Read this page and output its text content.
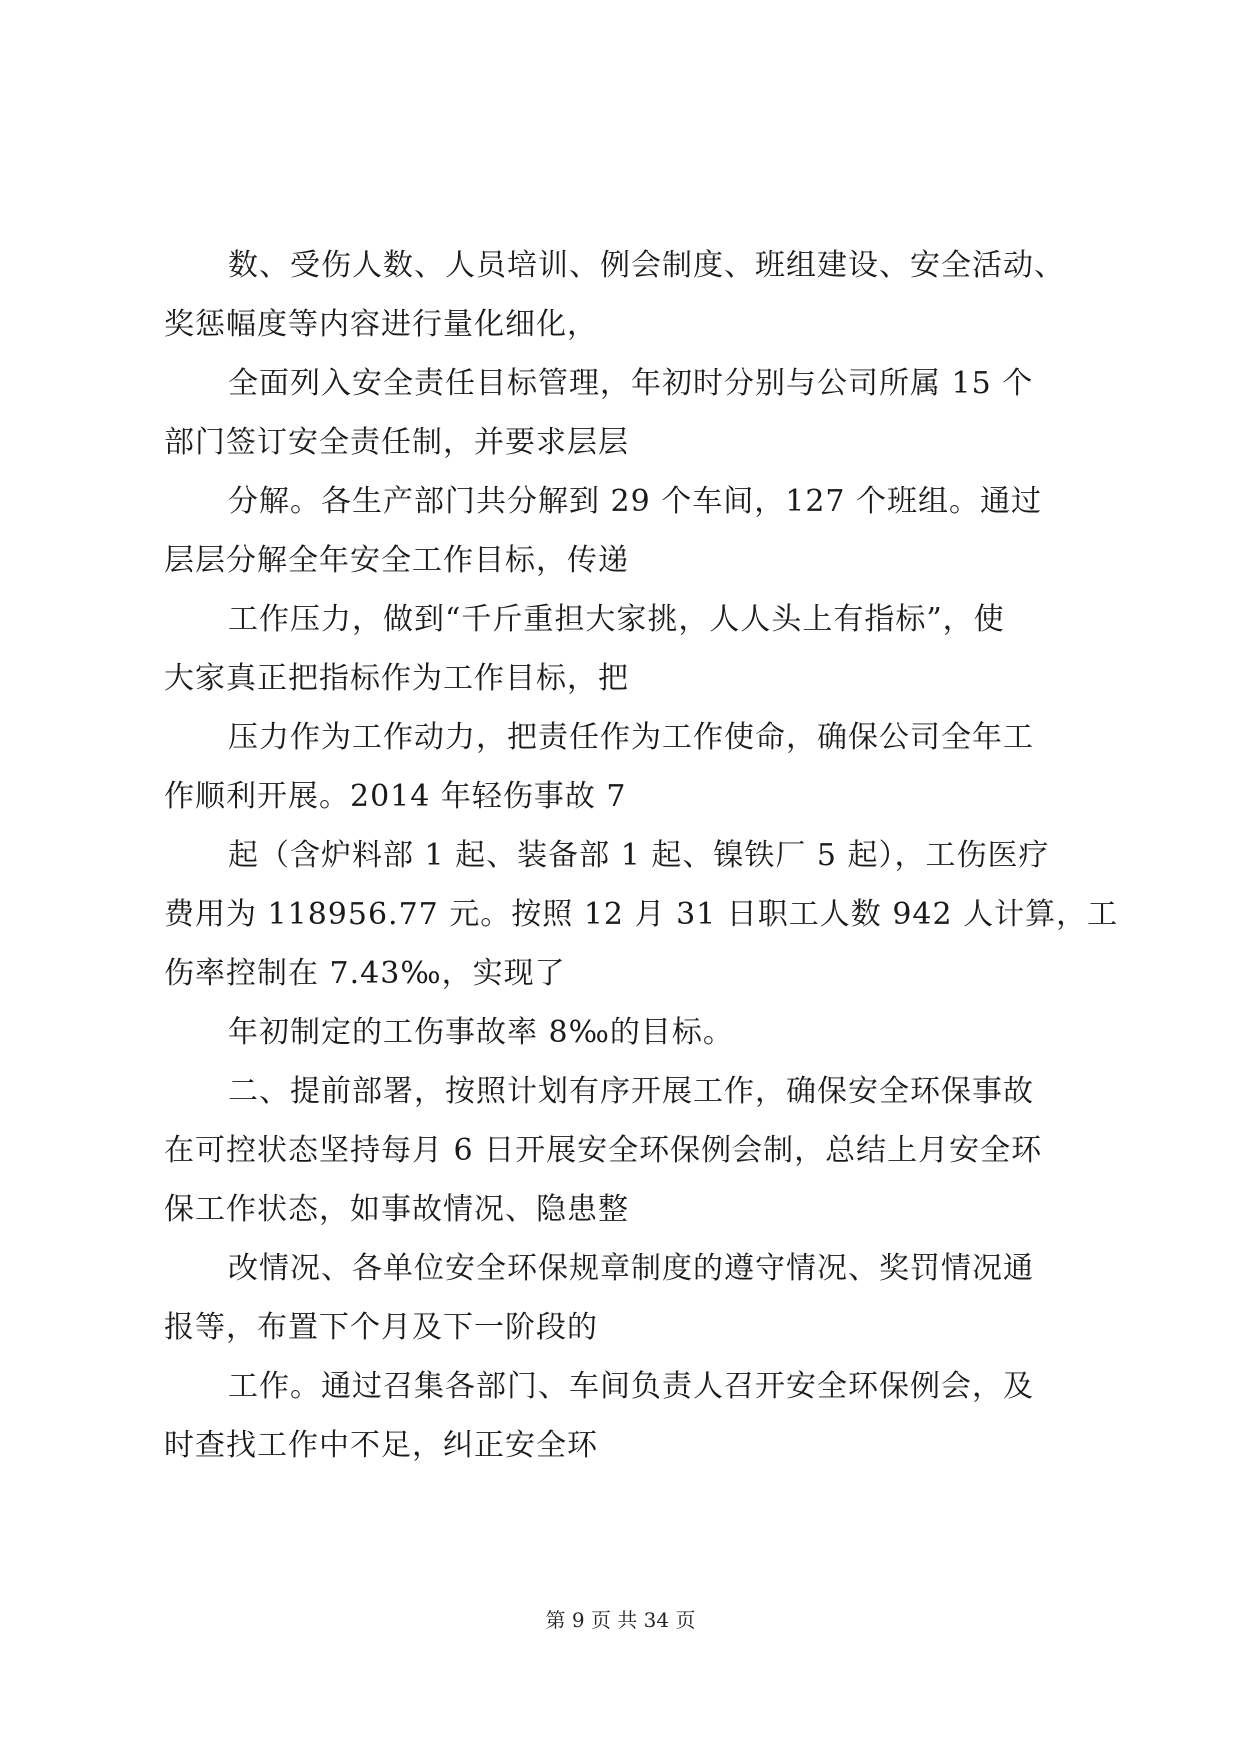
数、受伤人数、人员培训、例会制度、班组建设、安全活动、
奖惩幅度等内容进行量化细化，

全面列入安全责任目标管理，年初时分别与公司所属 15 个
部门签订安全责任制，并要求层层

分解。各生产部门共分解到 29 个车间，127 个班组。通过
层层分解全年安全工作目标，传递

工作压力，做到“千斤重担大家挑，人人头上有指标”，使
大家真正把指标作为工作目标，把

压力作为工作动力，把责任作为工作使命，确保公司全年工
作顺利开展。2014 年轻伤事故 7

起（含炉料部 1 起、装备部 1 起、镍铁厂 5 起），工伤医疗
费用为 118956.77 元。按照 12 月 31 日职工人数 942 人计算，工
伤率控制在 7.43‰，实现了

年初制定的工伤事故率 8‰的目标。

二、提前部署，按照计划有序开展工作，确保安全环保事故
在可控状态坚持每月 6 日开展安全环保例会制，总结上月安全环
保工作状态，如事故情况、隐患整

改情况、各单位安全环保规章制度的遵守情况、奖罚情况通
报等，布置下个月及下一阶段的

工作。通过召集各部门、车间负责人召开安全环保例会，及
时查找工作中不足，纠正安全环

第 9 页 共 34 页
